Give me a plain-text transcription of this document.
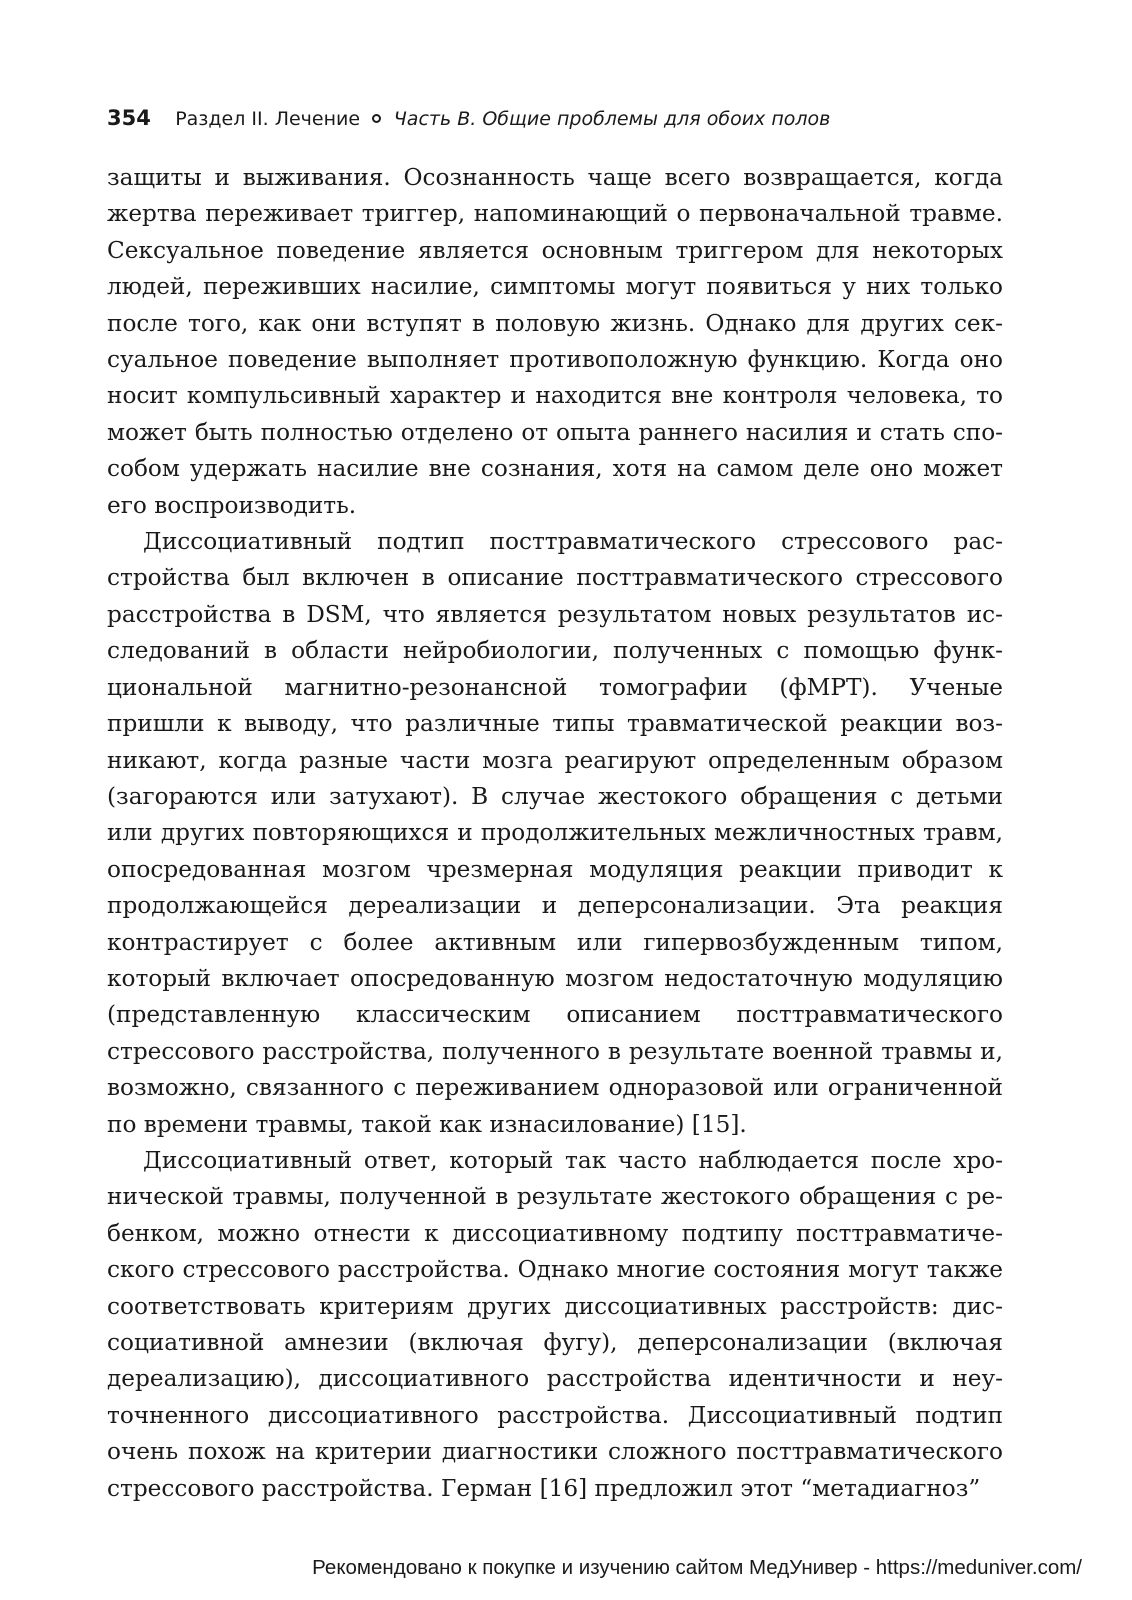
354 Раздел II. Лечение Часть В. Общие проблемы для обоих полов

защиты и выживания. Осознанность чаще всего возвращается, когда жертва переживает триггер, напоминающий о первоначальной травме. Сексуальное поведение является основным триггером для некоторых людей, переживших насилие, симптомы могут появиться у них только после того, как они вступят в половую жизнь. Однако для других сексуальное поведение выполняет противоположную функцию. Когда оно носит компульсивный характер и находится вне контроля человека, то может быть полностью отделено от опыта раннего насилия и стать способом удержать насилие вне сознания, хотя на самом деле оно может его воспроизводить.

Диссоциативный подтип посттравматического стрессового расстройства был включен в описание посттравматического стрессового расстройства в DSM, что является результатом новых результатов исследований в области нейробиологии, полученных с помощью функциональной магнитно-резонансной томографии (фМРТ). Ученые пришли к выводу, что различные типы травматической реакции возникают, когда разные части мозга реагируют определенным образом (загораются или затухают). В случае жестокого обращения с детьми или других повторяющихся и продолжительных межличностных травм, опосредованная мозгом чрезмерная модуляция реакции приводит к продолжающейся дереализации и деперсонализации. Эта реакция контрастирует с более активным или гипервозбужденным типом, который включает опосредованную мозгом недостаточную модуляцию (представленную классическим описанием посттравматического стрессового расстройства, полученного в результате военной травмы и, возможно, связанного с переживанием одноразовой или ограниченной по времени травмы, такой как изнасилование) [15].

Диссоциативный ответ, который так часто наблюдается после хронической травмы, полученной в результате жестокого обращения с ребенком, можно отнести к диссоциативному подтипу посттравматического стрессового расстройства. Однако многие состояния могут также соответствовать критериям других диссоциативных расстройств: диссоциативной амнезии (включая фугу), деперсонализации (включая дереализацию), диссоциативного расстройства идентичности и неуточненного диссоциативного расстройства. Диссоциативный подтип очень похож на критерии диагностики сложного посттравматического стрессового расстройства. Герман [16] предложил этот “метадиагноз”

Рекомендовано к покупке и изучению сайтом МедУнивер - https://meduniver.com/
